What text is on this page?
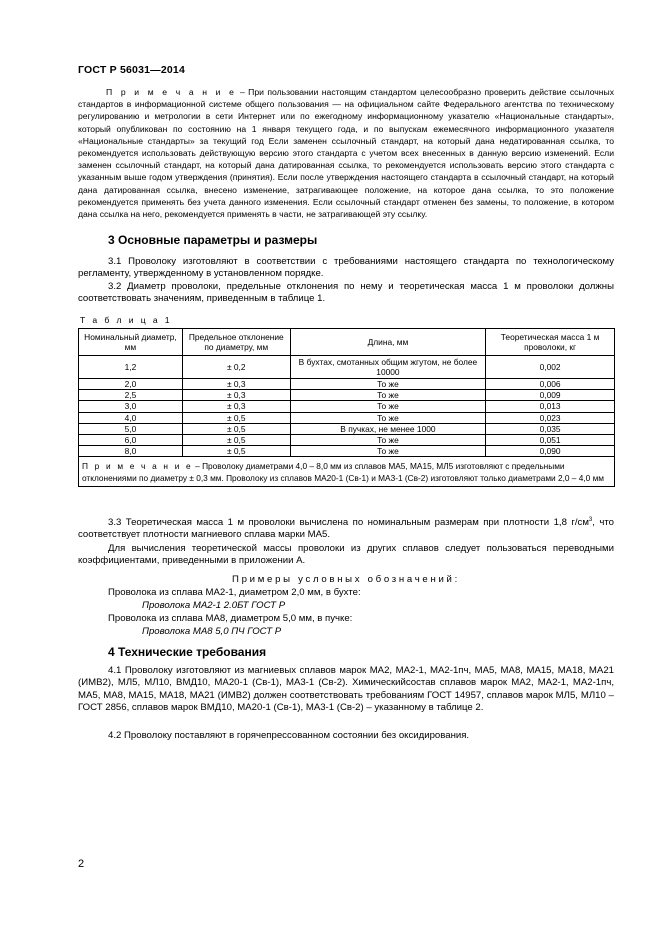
ГОСТ Р 56031—2014
П р и м е ч а н и е – При пользовании настоящим стандартом целесообразно проверить действие ссылочных стандартов в информационной системе общего пользования — на официальном сайте Федерального агентства по техническому регулированию и метрологии в сети Интернет или по ежегодному информационному указателю «Национальные стандарты», который опубликован по состоянию на 1 января текущего года, и по выпускам ежемесячного информационного указателя «Национальные стандарты» за текущий год Если заменен ссылочный стандарт, на который дана недатированная ссылка, то рекомендуется использовать действующую версию этого стандарта с учетом всех внесенных в данную версию изменений. Если заменен ссылочный стандарт, на который дана датированная ссылка, то рекомендуется использовать версию этого стандарта с указанным выше годом утверждения (принятия). Если после утверждения настоящего стандарта в ссылочный стандарт, на который дана датированная ссылка, внесено изменение, затрагивающее положение, на которое дана ссылка, то это положение рекомендуется применять без учета данного изменения. Если ссылочный стандарт отменен без замены, то положение, в котором дана ссылка на него, рекомендуется применять в части, не затрагивающей эту ссылку.
3 Основные параметры и размеры
3.1 Проволоку изготовляют в соответствии с требованиями настоящего стандарта по технологическому регламенту, утвержденному в установленном порядке.
3.2 Диаметр проволоки, предельные отклонения по нему и теоретическая масса 1 м проволоки должны соответствовать значениям, приведенным в таблице 1.
Т а б л и ц а 1
Номинальный диаметр, мм	Предельное отклонение по диаметру, мм	Длина, мм	Теоретическая масса 1 м проволоки, кг
1,2	± 0,2	В бухтах, смотанных общим жгутом, не более 10000	0,002
2,0	± 0,3	То же	0,006
2,5	± 0,3	То же	0,009
3,0	± 0,3	То же	0,013
4,0	± 0,5	То же	0,023
5,0	± 0,5	В пучках, не менее 1000	0,035
6,0	± 0,5	То же	0,051
8,0	± 0,5	То же	0,090
П р и м е ч а н и е – Проволоку диаметрами 4,0 – 8,0 мм из сплавов МА5, МА15, МЛ5 изготовляют с предельными отклонениями по диаметру ± 0,3 мм. Проволоку из сплавов МА20-1 (Св-1) и МА3-1 (Св-2) изготовляют только диаметрами 2,0 – 4,0 мм			
3.3 Теоретическая масса 1 м проволоки вычислена по номинальным размерам при плотности 1,8 $г/см^3$, что соответствует плотности магниевого сплава марки МА5.
Для вычисления теоретической массы проволоки из других сплавов следует пользоваться переводными коэффициентами, приведенными в приложении А.
Примеры условных обозначений:
Проволока из сплава МА2-1, диаметром 2,0 мм, в бухте:
Проволока МА2-1 2.0БТ ГОСТ Р
Проволока из сплава МА8, диаметром 5,0 мм, в пучке:
Проволока МА8 5,0 ПЧ ГОСТ Р
4 Технические требования
4.1 Проволоку изготовляют из магниевых сплавов марок МА2, МА2-1, МА2-1пч, МА5, МА8, МА15, МА18, МА21 (ИМВ2), МЛ5, МЛ10, ВМД10, МА20-1 (Св-1), МА3-1 (Св-2). Химическийсостав сплавов марок МА2, МА2-1, МА2-1пч, МА5, МА8, МА15, МА18, МА21 (ИМВ2) должен соответствовать требованиям ГОСТ 14957, сплавов марок МЛ5, МЛ10 – ГОСТ 2856, сплавов марок ВМД10, МА20-1 (Св-1), МА3-1 (Св-2) – указанному в таблице 2.
4.2 Проволоку поставляют в горячепрессованном состоянии без оксидирования.
2
